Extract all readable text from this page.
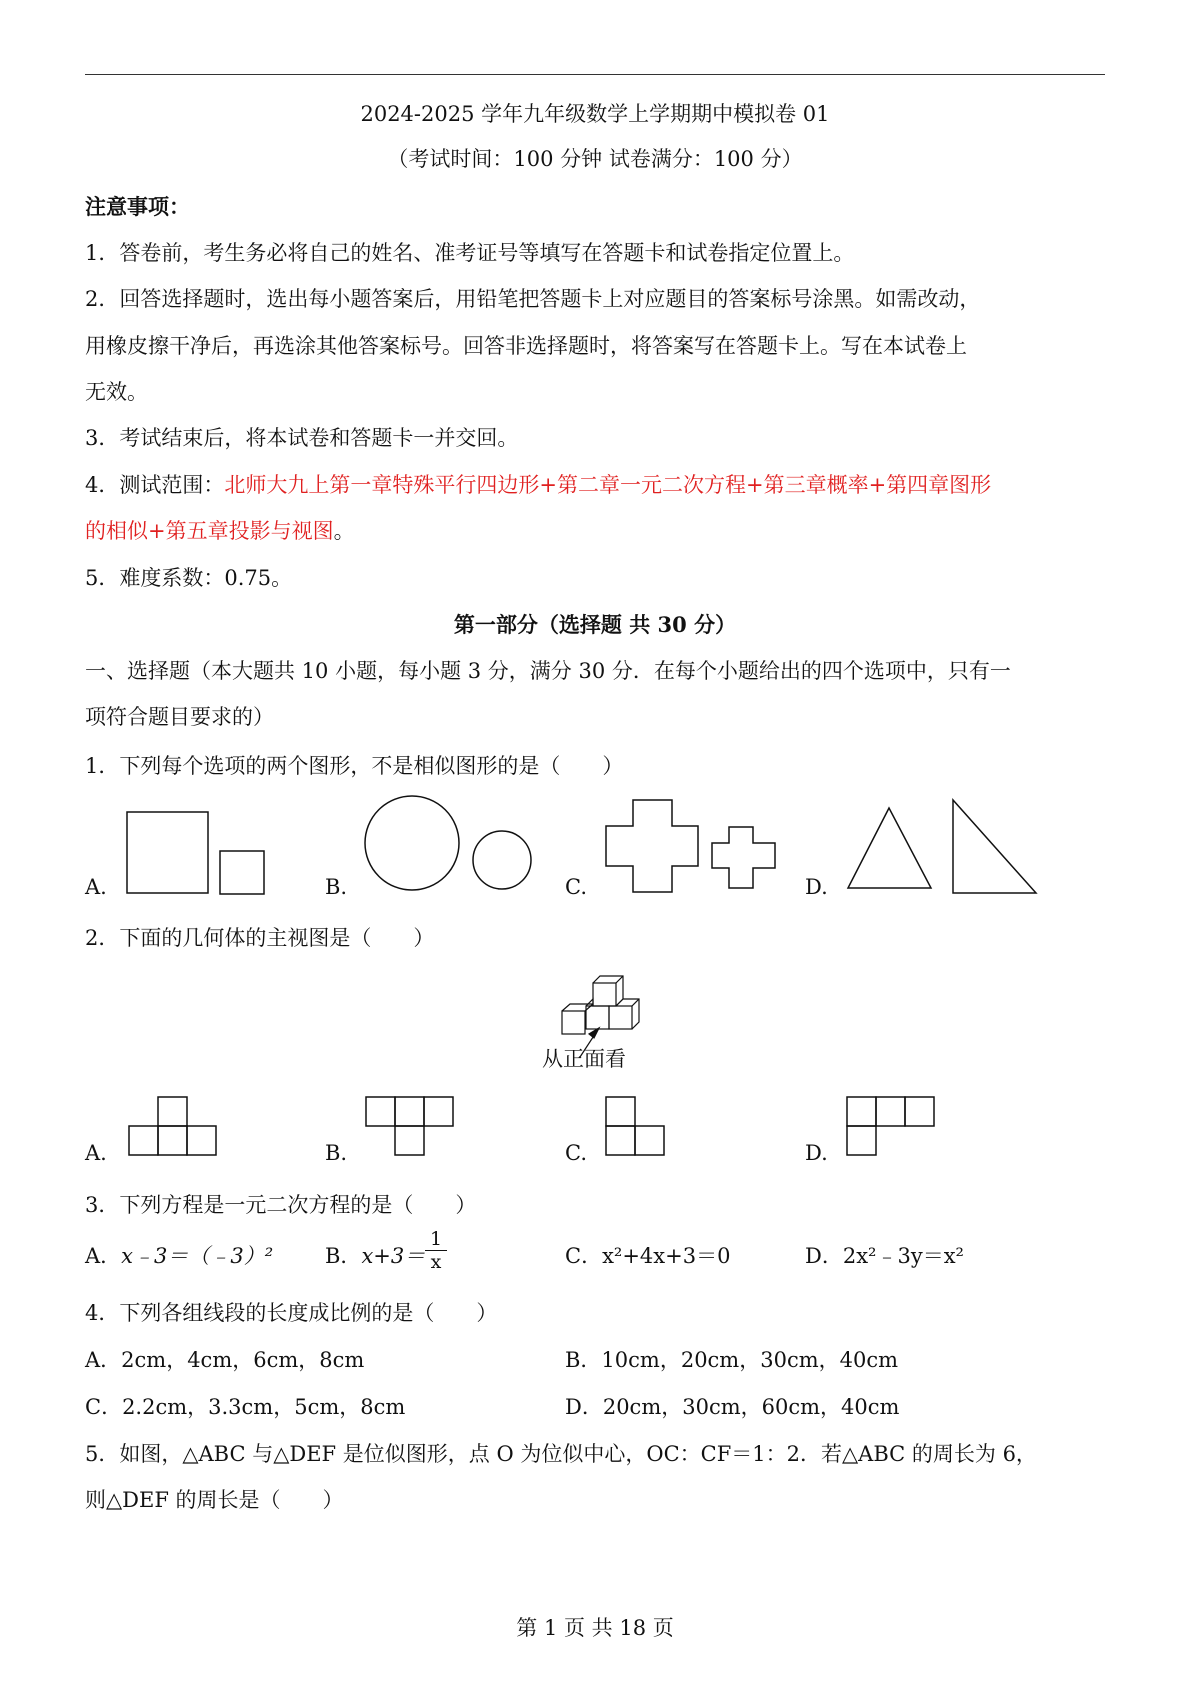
2024-2025 学年九年级数学上学期期中模拟卷 01
（考试时间：100 分钟 试卷满分：100 分）
注意事项：
1．答卷前，考生务必将自己的姓名、准考证号等填写在答题卡和试卷指定位置上。
2．回答选择题时，选出每小题答案后，用铅笔把答题卡上对应题目的答案标号涂黑。如需改动，
用橡皮擦干净后，再选涂其他答案标号。回答非选择题时，将答案写在答题卡上。写在本试卷上
无效。
3．考试结束后，将本试卷和答题卡一并交回。
4．测试范围：北师大九上第一章特殊平行四边形+第二章一元二次方程+第三章概率+第四章图形
的相似+第五章投影与视图。
5．难度系数：0.75。
第一部分（选择题 共 30 分）
一、选择题（本大题共 10 小题，每小题 3 分，满分 30 分．在每个小题给出的四个选项中，只有一
项符合题目要求的）
1．下列每个选项的两个图形，不是相似图形的是（　　）
A.	B.	C.	D.
2．下面的几何体的主视图是（　　）
从正面看
A.	B.	C.	D.
3．下列方程是一元二次方程的是（　　）
A．x﹣3＝（﹣3）² B．x+3＝
1
x	C．x²+4x+3＝0	D．2x²﹣3y＝x²
4．下列各组线段的长度成比例的是（　　）
A．2cm，4cm，6cm，8cm	B．10cm，20cm，30cm，40cm
C．2.2cm，3.3cm，5cm，8cm	D．20cm，30cm，60cm，40cm
5．如图，△ABC 与△DEF 是位似图形，点 O 为位似中心，OC：CF＝1：2．若△ABC 的周长为 6，
则△DEF 的周长是（　　）
第 1 页 共 18 页
